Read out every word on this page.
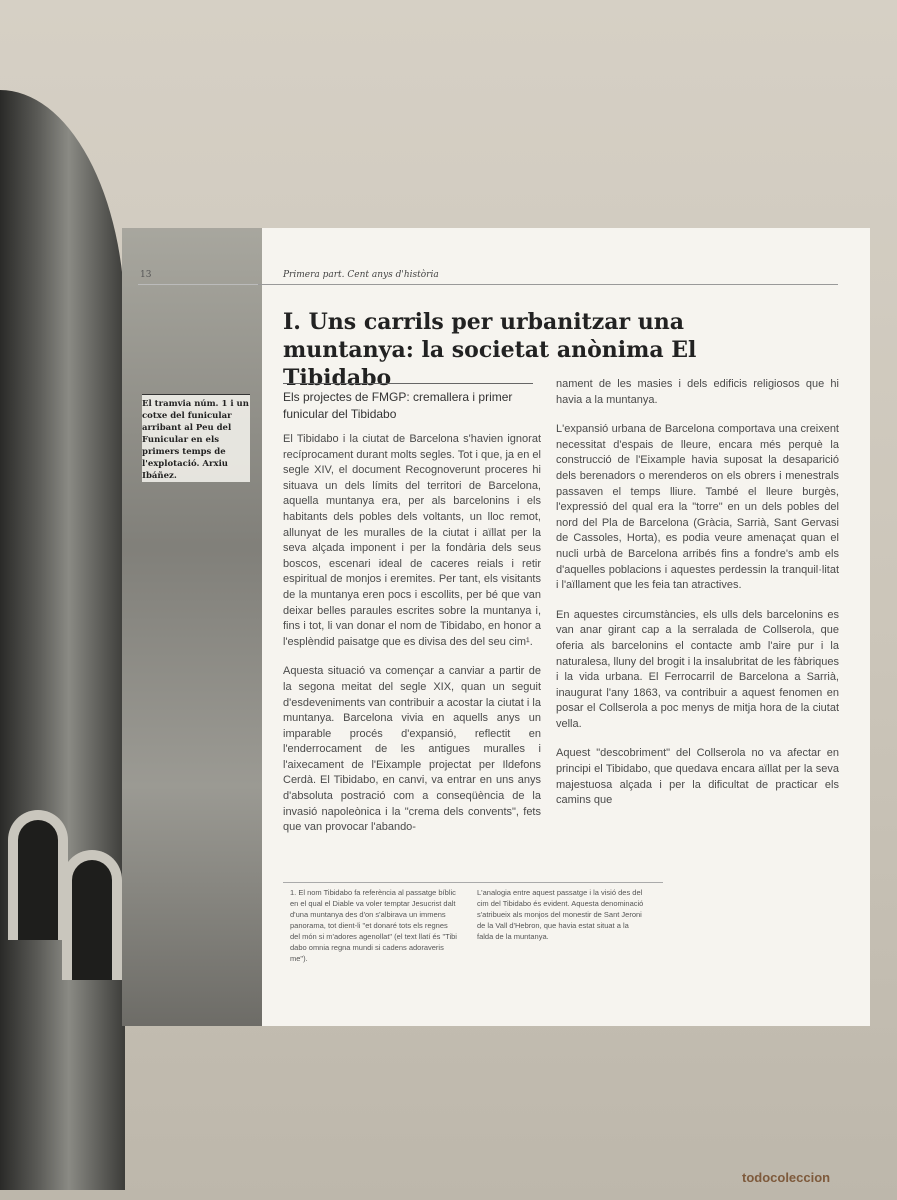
13	Primera part. Cent anys d'història
I. Uns carrils per urbanitzar una muntanya: la societat anònima El Tibidabo
El tramvia núm. 1 i un cotxe del funicular arribant al Peu del Funicular en els primers temps de l'explotació. Arxiu Ibáñez.
Els projectes de FMGP: cremallera i primer funicular del Tibidabo

El Tibidabo i la ciutat de Barcelona s'havien ignorat recíprocament durant molts segles. Tot i que, ja en el segle XIV, el document Recognoverunt proceres hi situava un dels límits del territori de Barcelona, aquella muntanya era, per als barcelonins i els habitants dels pobles dels voltants, un lloc remot, allunyat de les muralles de la ciutat i aïllat per la seva alçada imponent i per la fondària dels seus boscos, escenari ideal de caceres reials i retir espiritual de monjos i eremites. Per tant, els visitants de la muntanya eren pocs i escollits, per bé que van deixar belles paraules escrites sobre la muntanya i, fins i tot, li van donar el nom de Tibidabo, en honor a l'esplèndid paisatge que es divisa des del seu cim¹.

Aquesta situació va començar a canviar a partir de la segona meitat del segle XIX, quan un seguit d'esdeveniments van contribuir a acostar la ciutat i la muntanya. Barcelona vivia en aquells anys un imparable procés d'expansió, reflectit en l'enderrocament de les antigues muralles i l'aixecament de l'Eixample projectat per Ildefons Cerdà. El Tibidabo, en canvi, va entrar en uns anys d'absoluta postració com a conseqüència de la invasió napoleònica i la "crema dels convents", fets que van provocar l'abando-

nament de les masies i dels edificis religiosos que hi havia a la muntanya.

L'expansió urbana de Barcelona comportava una creixent necessitat d'espais de lleure, encara més perquè la construcció de l'Eixample havia suposat la desaparició dels berenadors o merenderos on els obrers i menestrals passaven el temps lliure. També el lleure burgès, l'expressió del qual era la "torre" en un dels pobles del nord del Pla de Barcelona (Gràcia, Sarrià, Sant Gervasi de Cassoles, Horta), es podia veure amenaçat quan el nucli urbà de Barcelona arribés fins a fondre's amb els d'aquelles poblacions i aquestes perdessin la tranquil·litat i l'aïllament que les feia tan atractives.

En aquestes circumstàncies, els ulls dels barcelonins es van anar girant cap a la serralada de Collserola, que oferia als barcelonins el contacte amb l'aire pur i la naturalesa, lluny del brogit i la insalubritat de les fàbriques i la vida urbana. El Ferrocarril de Barcelona a Sarrià, inaugurat l'any 1863, va contribuir a aquest fenomen en posar el Collserola a poc menys de mitja hora de la ciutat vella.

Aquest "descobriment" del Collserola no va afectar en principi el Tibidabo, que quedava encara aïllat per la seva majestuosa alçada i per la dificultat de practicar els camins que

1. El nom Tibidabo fa referència al passatge bíblic en el qual el Diable va voler temptar Jesucrist dalt d'una muntanya des d'on s'albirava un immens panorama, tot dient-li "et donaré tots els regnes del món si m'adores agenollat" (el text llatí és "Tibi dabo omnia regna mundi si cadens adoraveris me").
L'analogia entre aquest passatge i la visió des del cim del Tibidabo és evident. Aquesta denominació s'atribueix als monjos del monestir de Sant Jeroni de la Vall d'Hebron, que havia estat situat a la falda de la muntanya.
todocoleccion
